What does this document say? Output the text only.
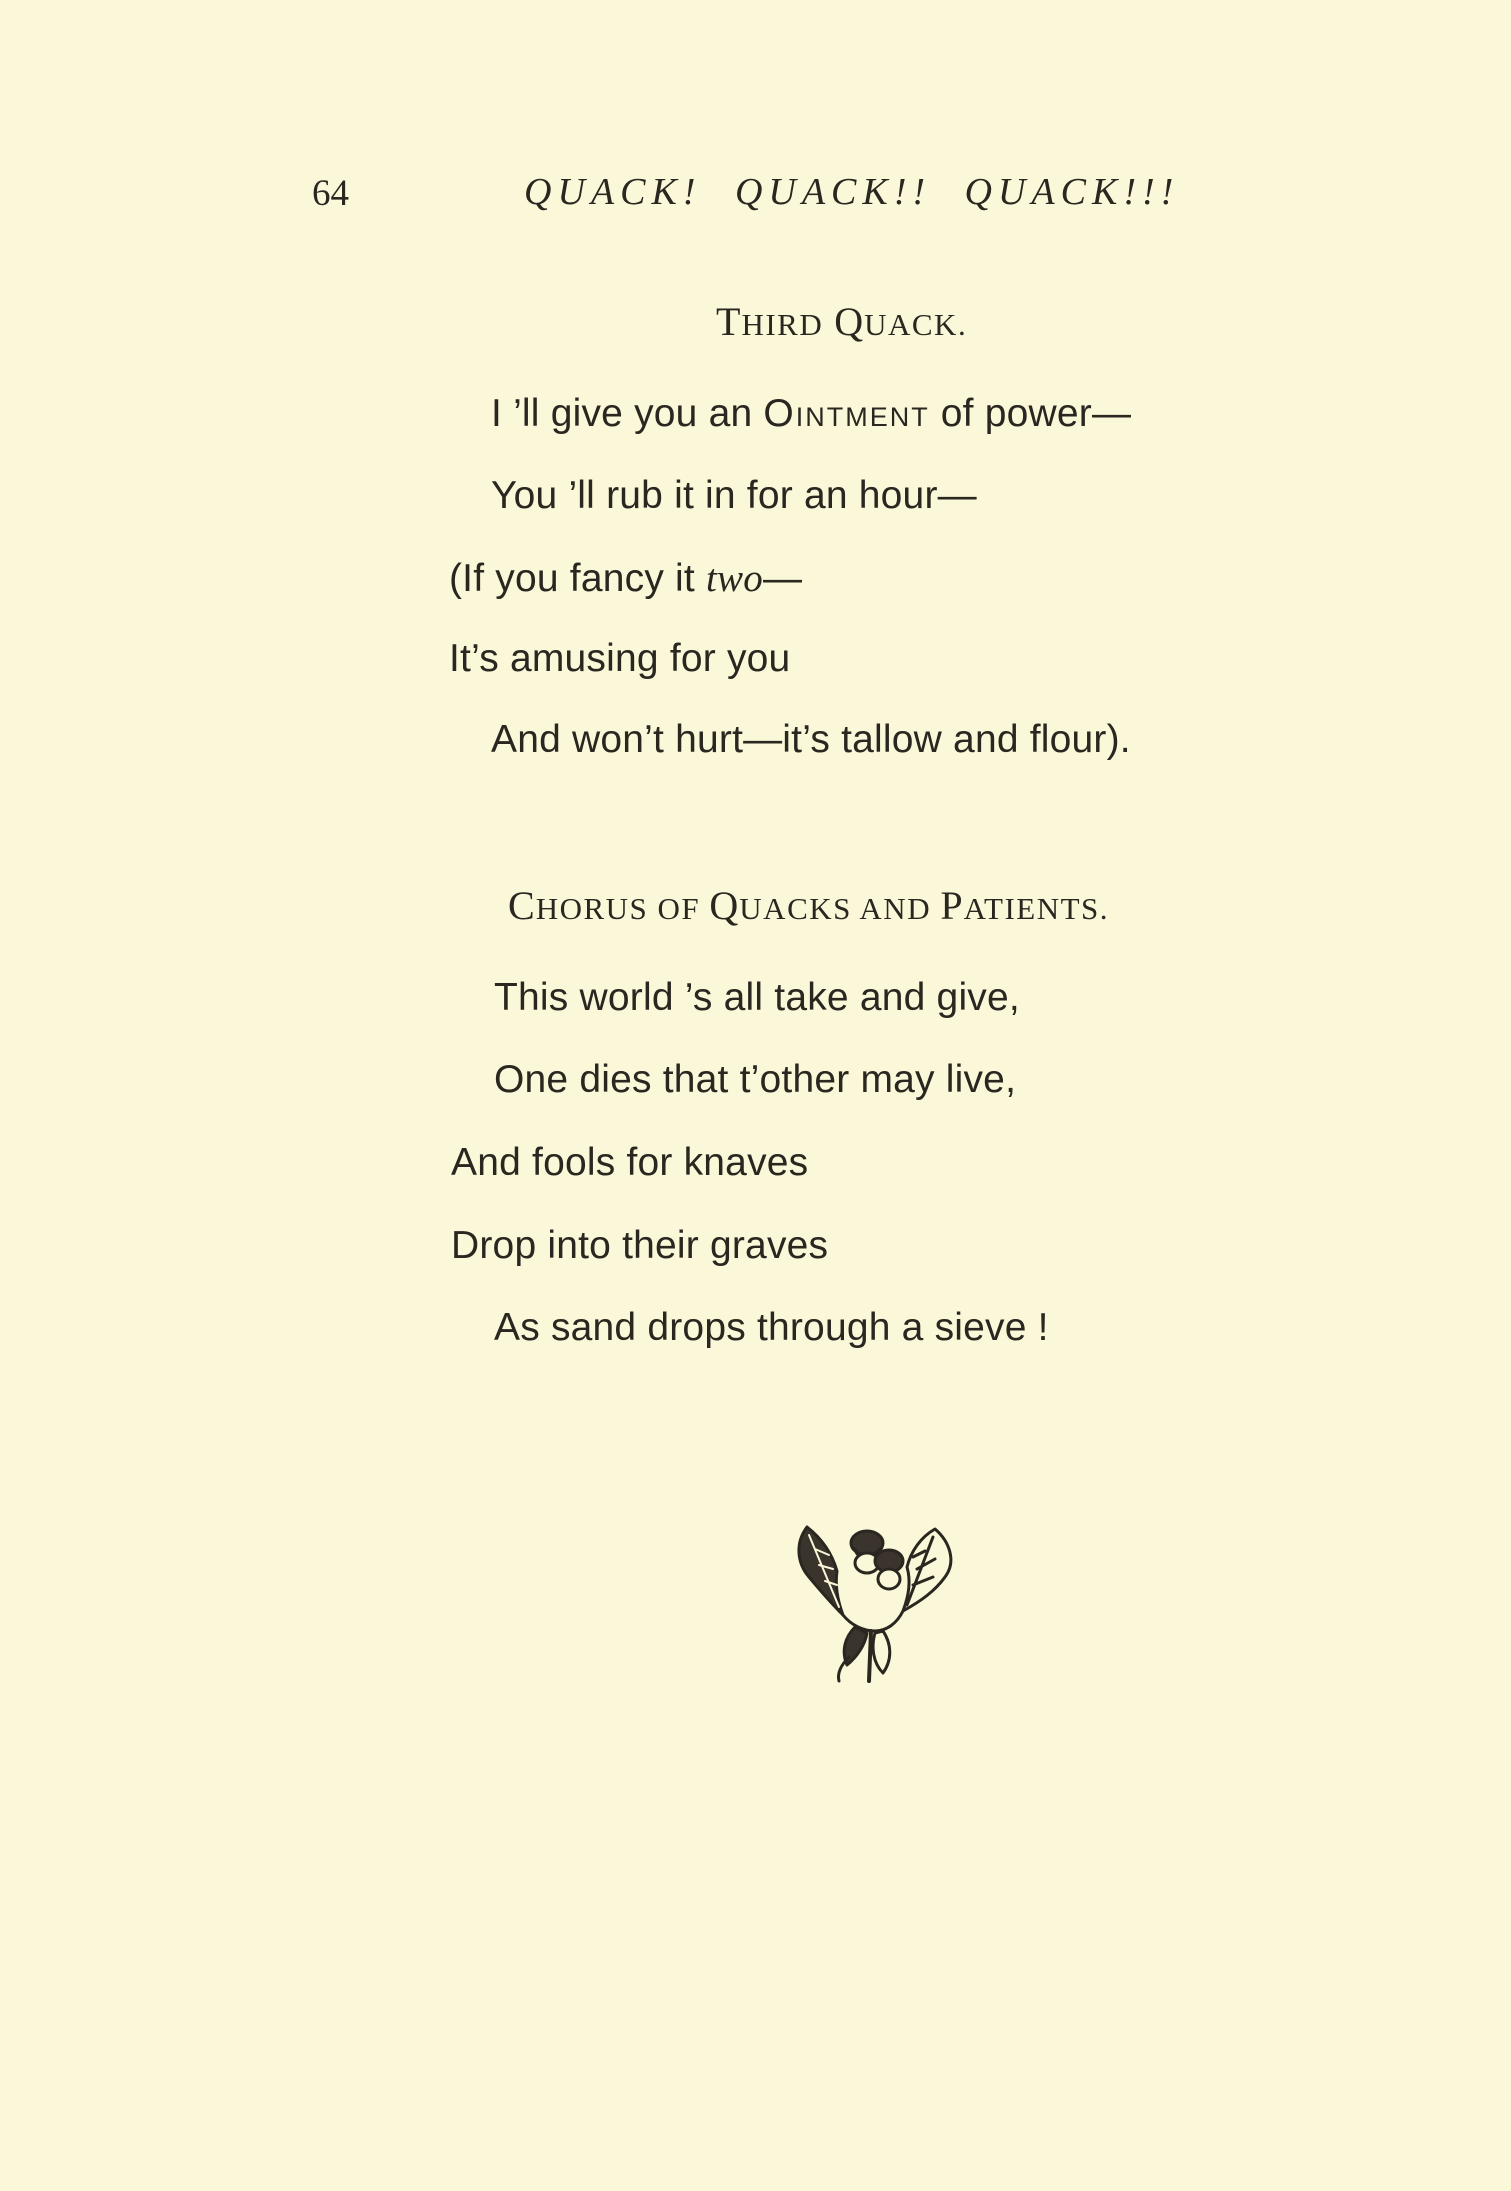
64	QUACK! QUACK!! QUACK!!!
THIRD QUACK.
I ’ll give you an Ointment of power—
You ’ll rub it in for an hour—
(If you fancy it two—
It’s amusing for you
And won’t hurt—it’s tallow and flour).
CHORUS OF QUACKS AND PATIENTS.
This world ’s all take and give,
One dies that t’other may live,
And fools for knaves
Drop into their graves
As sand drops through a sieve !
